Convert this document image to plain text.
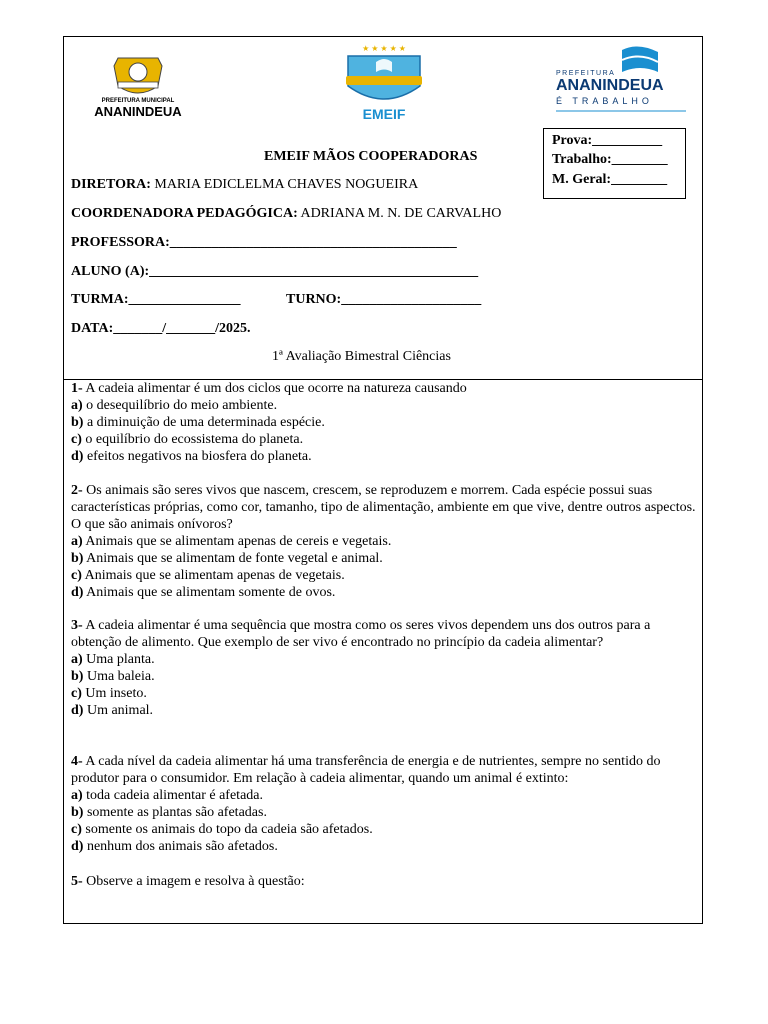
PREFEITURA MUNICIPAL
ANANINDEUA
★ ★ ★ ★ ★
EMEIF
PREFEITURA
ANANINDEUA
É TRABALHO
Prova:__________
Trabalho:________
M. Geral:________
EMEIF MÃOS COOPERADORAS
DIRETORA: MARIA EDICLELMA CHAVES NOGUEIRA
COORDENADORA PEDAGÓGICA: ADRIANA M. N. DE CARVALHO
PROFESSORA:_________________________________________
ALUNO (A):_______________________________________________
TURMA:________________	TURNO:____________________
DATA:_______/_______/2025.
1ª Avaliação Bimestral Ciências
1- A cadeia alimentar é um dos ciclos que ocorre na natureza causando
a) o desequilíbrio do meio ambiente.
b) a diminuição de uma determinada espécie.
c) o equilíbrio do ecossistema do planeta.
d) efeitos negativos na biosfera do planeta.
2- Os animais são seres vivos que nascem, crescem, se reproduzem e morrem. Cada espécie possui suas características próprias, como cor, tamanho, tipo de alimentação, ambiente em que vive, dentre outros aspectos. O que são animais onívoros?
a) Animais que se alimentam apenas de cereis e vegetais.
b) Animais que se alimentam de fonte vegetal e animal.
c) Animais que se alimentam apenas de vegetais.
d) Animais que se alimentam somente de ovos.
3- A cadeia alimentar é uma sequência que mostra como os seres vivos dependem uns dos outros para a obtenção de alimento. Que exemplo de ser vivo é encontrado no princípio da cadeia alimentar?
a) Uma planta.
b) Uma baleia.
c) Um inseto.
d) Um animal.
4- A cada nível da cadeia alimentar há uma transferência de energia e de nutrientes, sempre no sentido do produtor para o consumidor. Em relação à cadeia alimentar, quando um animal é extinto:
a) toda cadeia alimentar é afetada.
b) somente as plantas são afetadas.
c) somente os animais do topo da cadeia são afetados.
d) nenhum dos animais são afetados.
5- Observe a imagem e resolva à questão:
